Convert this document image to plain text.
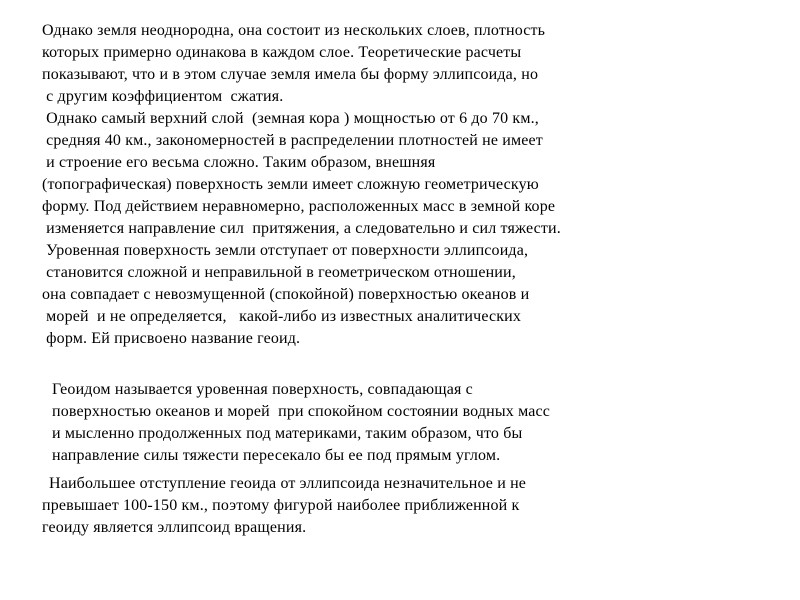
Однако земля неоднородна, она состоит из нескольких слоев, плотность
которых примерно одинакова в каждом слое. Теоретические расчеты
показывают, что и в этом случае земля имела бы форму эллипсоида, но
с другим коэффициентом  сжатия.
Однако самый верхний слой  (земная кора ) мощностью от 6 до 70 км.,
средняя 40 км., закономерностей в распределении плотностей не имеет
и строение его весьма сложно. Таким образом, внешняя
(топографическая) поверхность земли имеет сложную геометрическую
форму. Под действием неравномерно, расположенных масс в земной коре
изменяется направление сил  притяжения, а следовательно и сил тяжести.
Уровенная поверхность земли отступает от поверхности эллипсоида,
становится сложной и неправильной в геометрическом отношении,
она совпадает с невозмущенной (спокойной) поверхностью океанов и
морей  и не определяется,   какой-либо из известных аналитических
форм. Ей присвоено название геоид.
Геоидом называется уровенная поверхность, совпадающая с
поверхностью океанов и морей  при спокойном состоянии водных масс
и мысленно продолженных под материками, таким образом, что бы
направление силы тяжести пересекало бы ее под прямым углом.
Наибольшее отступление геоида от эллипсоида незначительное и не
превышает 100-150 км., поэтому фигурой наиболее приближенной к
геоиду является эллипсоид вращения.
